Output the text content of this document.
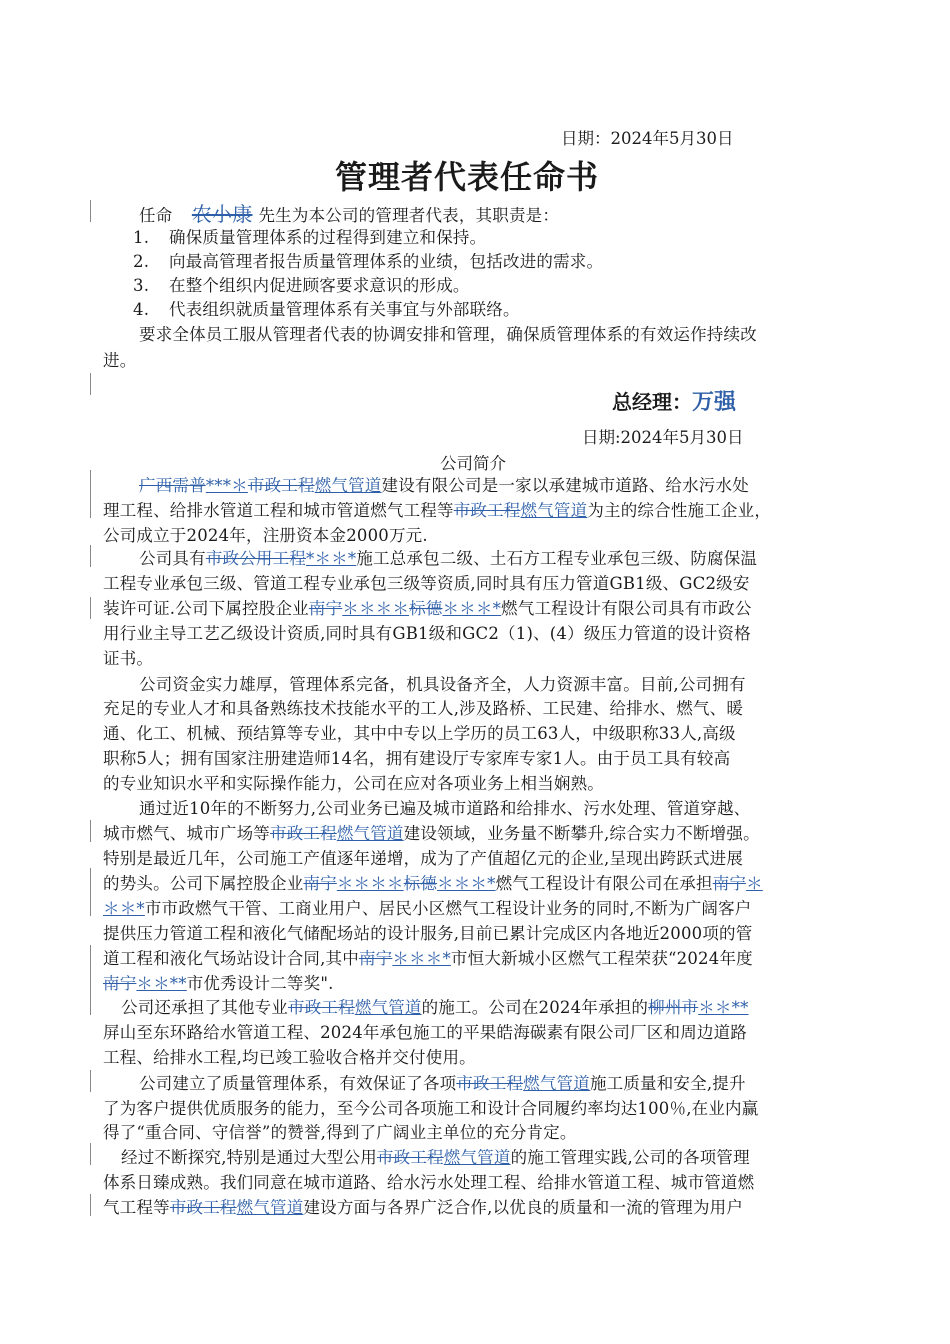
日期：2024年5月30日
管理者代表任命书
任命 农小康 先生为本公司的管理者代表，其职责是：
1. 确保质量管理体系的过程得到建立和保持。
2. 向最高管理者报告质量管理体系的业绩，包括改进的需求。
3. 在整个组织内促进顾客要求意识的形成。
4. 代表组织就质量管理体系有关事宜与外部联络。
要求全体员工服从管理者代表的协调安排和管理，确保质管理体系的有效运作持续改
进。
总经理：万强
日期:2024年5月30日
公司简介
广西需普***＊市政工程燃气管道建设有限公司是一家以承建城市道路、给水污水处
理工程、给排水管道工程和城市管道燃气工程等市政工程燃气管道为主的综合性施工企业，
公司成立于2024年，注册资本金2000万元.
公司具有市政公用工程*＊＊*施工总承包二级、土石方工程专业承包三级、防腐保温
工程专业承包三级、管道工程专业承包三级等资质,同时具有压力管道GB1级、GC2级安
装许可证.公司下属控股企业南宁＊＊＊＊标德＊＊＊*燃气工程设计有限公司具有市政公
用行业主导工艺乙级设计资质,同时具有GB1级和GC2（1)、(4）级压力管道的设计资格
证书。
公司资金实力雄厚，管理体系完备，机具设备齐全，人力资源丰富。目前,公司拥有
充足的专业人才和具备熟练技术技能水平的工人,涉及路桥、工民建、给排水、燃气、暖
通、化工、机械、预结算等专业，其中中专以上学历的员工63人，中级职称33人,高级
职称5人；拥有国家注册建造师14名，拥有建设厅专家库专家1人。由于员工具有较高
的专业知识水平和实际操作能力，公司在应对各项业务上相当娴熟。
通过近10年的不断努力,公司业务已遍及城市道路和给排水、污水处理、管道穿越、
城市燃气、城市广场等市政工程燃气管道建设领域，业务量不断攀升,综合实力不断增强。
特别是最近几年，公司施工产值逐年递增，成为了产值超亿元的企业,呈现出跨跃式进展
的势头。公司下属控股企业南宁＊＊＊＊标德＊＊＊*燃气工程设计有限公司在承担南宁＊
＊＊*市市政燃气干管、工商业用户、居民小区燃气工程设计业务的同时,不断为广阔客户
提供压力管道工程和液化气储配场站的设计服务,目前已累计完成区内各地近2000项的管
道工程和液化气场站设计合同,其中南宁＊＊＊*市恒大新城小区燃气工程荣获“2024年度
南宁＊＊**市优秀设计二等奖".
公司还承担了其他专业市政工程燃气管道的施工。公司在2024年承担的柳州市＊＊**
屏山至东环路给水管道工程、2024年承包施工的平果皓海碳素有限公司厂区和周边道路
工程、给排水工程,均已竣工验收合格并交付使用。
公司建立了质量管理体系，有效保证了各项市政工程燃气管道施工质量和安全,提升
了为客户提供优质服务的能力，至今公司各项施工和设计合同履约率均达100％,在业内赢
得了“重合同、守信誉”的赞誉,得到了广阔业主单位的充分肯定。
经过不断探究,特别是通过大型公用市政工程燃气管道的施工管理实践,公司的各项管理
体系日臻成熟。我们同意在城市道路、给水污水处理工程、给排水管道工程、城市管道燃
气工程等市政工程燃气管道建设方面与各界广泛合作,以优良的质量和一流的管理为用户
